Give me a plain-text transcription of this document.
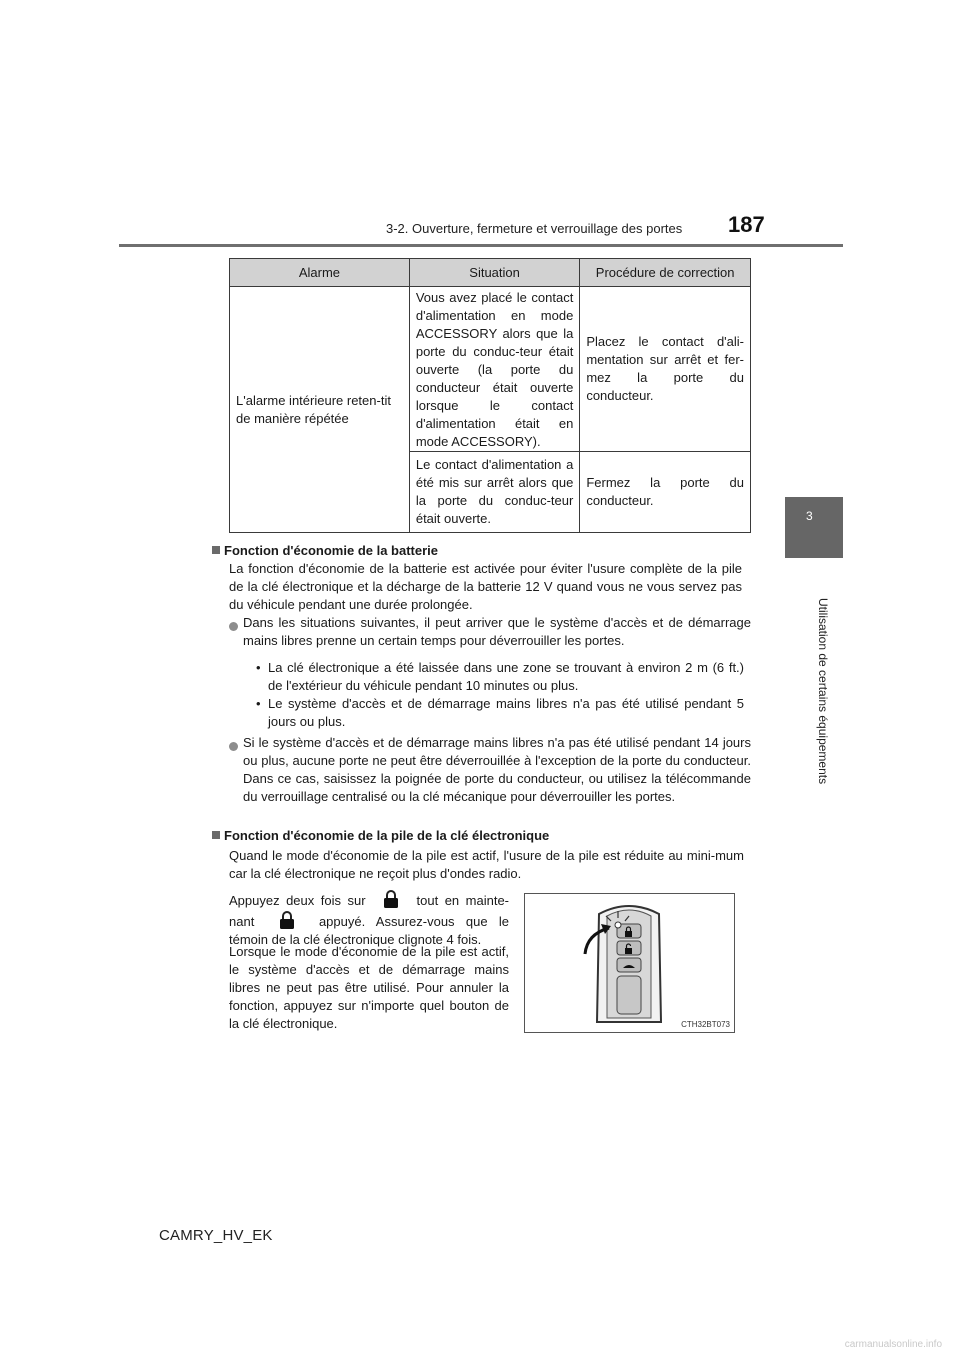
3-2. Ouverture, fermeture et verrouillage des portes 187
3
Utilisation de certains équipements
Alarme	Situation	Procédure de correction
L'alarme intérieure reten-tit de manière répétée	Vous avez placé le contact d'alimentation en mode ACCESSORY alors que la porte du conduc-teur était ouverte (la porte du conducteur était ouverte lorsque le contact d'alimentation était en mode ACCESSORY).	Placez le contact d'ali-mentation sur arrêt et fer-mez la porte du conducteur.
	Le contact d'alimentation a été mis sur arrêt alors que la porte du conduc-teur était ouverte.	Fermez la porte du conducteur.
Fonction d'économie de la batterie
La fonction d'économie de la batterie est activée pour éviter l'usure complète de la pile de la clé électronique et la décharge de la batterie 12 V quand vous ne vous servez pas du véhicule pendant une durée prolongée.
Dans les situations suivantes, il peut arriver que le système d'accès et de démarrage mains libres prenne un certain temps pour déverrouiller les portes.
• La clé électronique a été laissée dans une zone se trouvant à environ 2 m (6 ft.) de l'extérieur du véhicule pendant 10 minutes ou plus.
• Le système d'accès et de démarrage mains libres n'a pas été utilisé pendant 5 jours ou plus.
Si le système d'accès et de démarrage mains libres n'a pas été utilisé pendant 14 jours ou plus, aucune porte ne peut être déverrouillée à l'exception de la porte du conducteur. Dans ce cas, saisissez la poignée de porte du conducteur, ou utilisez la télécommande du verrouillage centralisé ou la clé mécanique pour déverrouiller les portes.
Fonction d'économie de la pile de la clé électronique
Quand le mode d'économie de la pile est actif, l'usure de la pile est réduite au mini-mum car la clé électronique ne reçoit plus d'ondes radio.
Appuyez deux fois sur	tout en mainte-nant	appuyé. Assurez-vous que le témoin de la clé électronique clignote 4 fois.
Lorsque le mode d'économie de la pile est actif, le système d'accès et de démarrage mains libres ne peut pas être utilisé. Pour annuler la fonction, appuyez sur n'importe quel bouton de la clé électronique.	CTH32BT073
CAMRY_HV_EK
carmanualsonline.info
